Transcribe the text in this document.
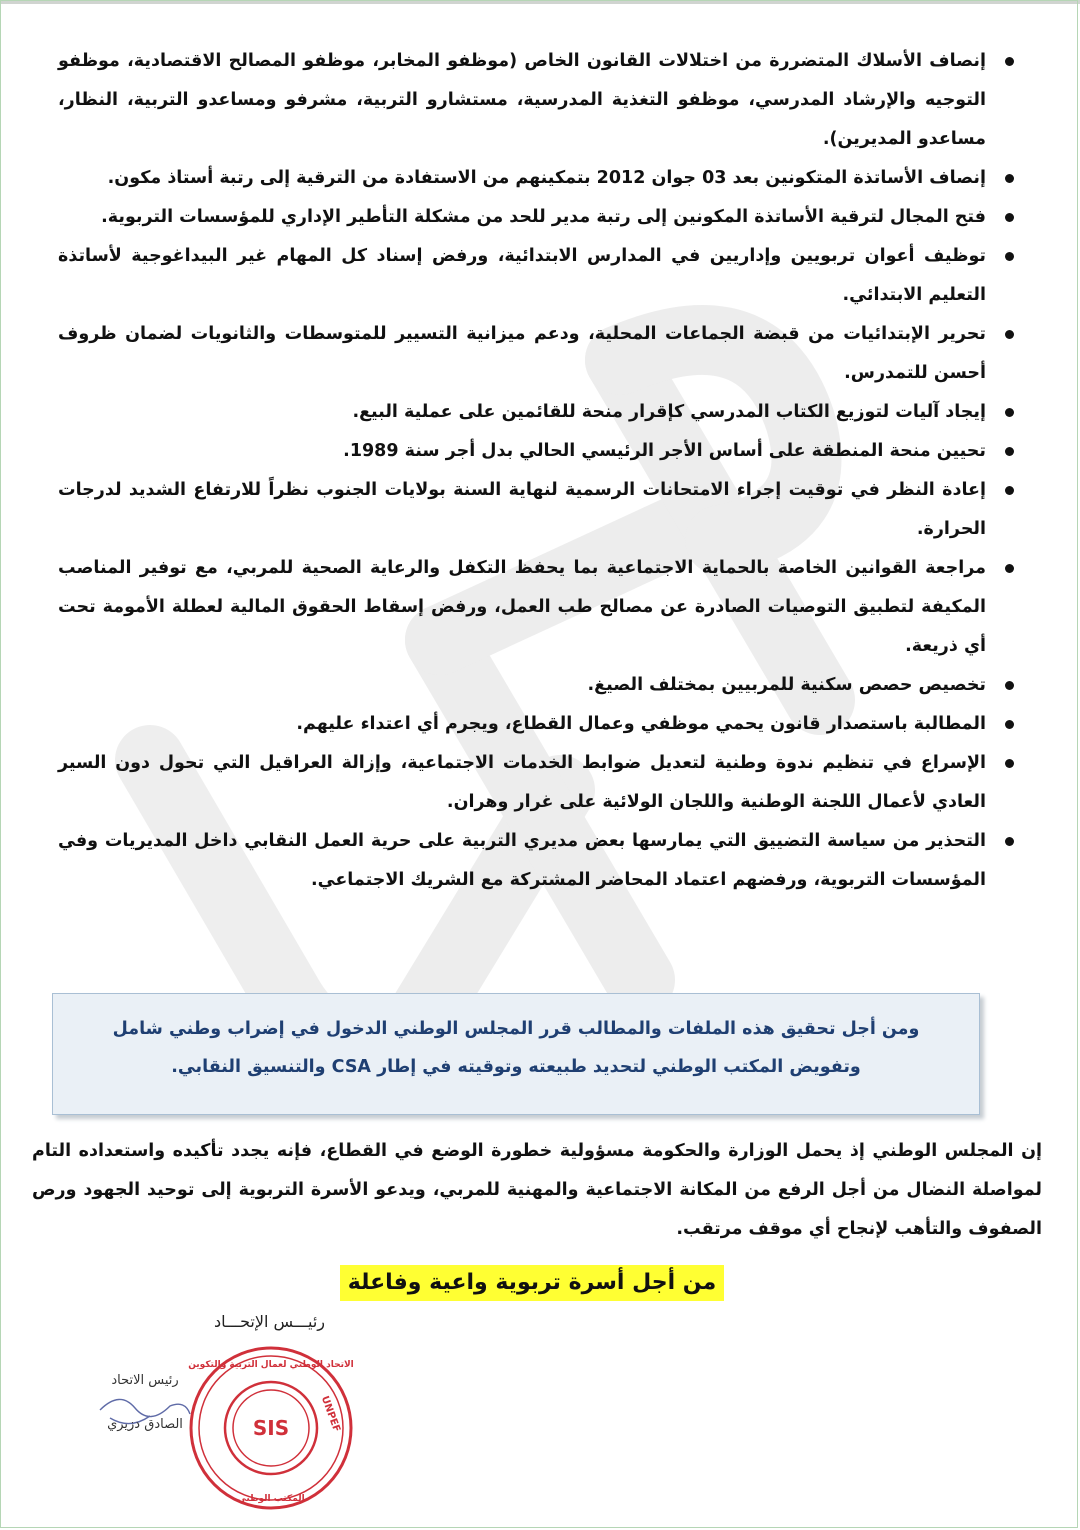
إنصاف الأسلاك المتضررة من اختلالات القانون الخاص (موظفو المخابر، موظفو المصالح الاقتصادية، موظفو التوجيه والإرشاد المدرسي، موظفو التغذية المدرسية، مستشارو التربية، مشرفو ومساعدو التربية، النظار، مساعدو المديرين).
إنصاف الأساتذة المتكونين بعد 03 جوان 2012 بتمكينهم من الاستفادة من الترقية إلى رتبة أستاذ مكون.
فتح المجال لترقية الأساتذة المكونين إلى رتبة مدير للحد من مشكلة التأطير الإداري للمؤسسات التربوية.
توظيف أعوان تربويين وإداريين في المدارس الابتدائية، ورفض إسناد كل المهام غير البيداغوجية لأساتذة التعليم الابتدائي.
تحرير الإبتدائيات من قبضة الجماعات المحلية، ودعم ميزانية التسيير للمتوسطات والثانويات لضمان ظروف أحسن للتمدرس.
إيجاد آليات لتوزيع الكتاب المدرسي كإقرار منحة للقائمين على عملية البيع.
تحيين منحة المنطقة على أساس الأجر الرئيسي الحالي بدل أجر سنة 1989.
إعادة النظر في توقيت إجراء الامتحانات الرسمية لنهاية السنة بولايات الجنوب نظراً للارتفاع الشديد لدرجات الحرارة.
مراجعة القوانين الخاصة بالحماية الاجتماعية بما يحفظ التكفل والرعاية الصحية للمربي، مع توفير المناصب المكيفة لتطبيق التوصيات الصادرة عن مصالح طب العمل، ورفض إسقاط الحقوق المالية لعطلة الأمومة تحت أي ذريعة.
تخصيص حصص سكنية للمربيين بمختلف الصيغ.
المطالبة باستصدار قانون يحمي موظفي وعمال القطاع، ويجرم أي اعتداء عليهم.
الإسراع في تنظيم ندوة وطنية لتعديل ضوابط الخدمات الاجتماعية، وإزالة العراقيل التي تحول دون السير العادي لأعمال اللجنة الوطنية واللجان الولائية على غرار وهران.
التحذير من سياسة التضييق التي يمارسها بعض مديري التربية على حرية العمل النقابي داخل المديريات وفي المؤسسات التربوية، ورفضهم اعتماد المحاضر المشتركة مع الشريك الاجتماعي.

ومن أجل تحقيق هذه الملفات والمطالب قرر المجلس الوطني الدخول في إضراب وطني شامل

وتفويض المكتب الوطني لتحديد طبيعته وتوقيته في إطار CSA والتنسيق النقابي.

إن المجلس الوطني إذ يحمل الوزارة والحكومة مسؤولية خطورة الوضع في القطاع، فإنه يجدد تأكيده واستعداده التام لمواصلة النضال من أجل الرفع من المكانة الاجتماعية والمهنية للمربي، ويدعو الأسرة التربوية إلى توحيد الجهود ورص الصفوف والتأهب لإنجاح أي موقف مرتقب.

من أجل أسرة تربوية واعية وفاعلة
رئيـــس الإتحـــاد
الاتحاد الوطني لعمال التربية والتكوين
UNPEF
المكتب الوطني
SIS
رئيس الاتحاد
الصادق دزيري
